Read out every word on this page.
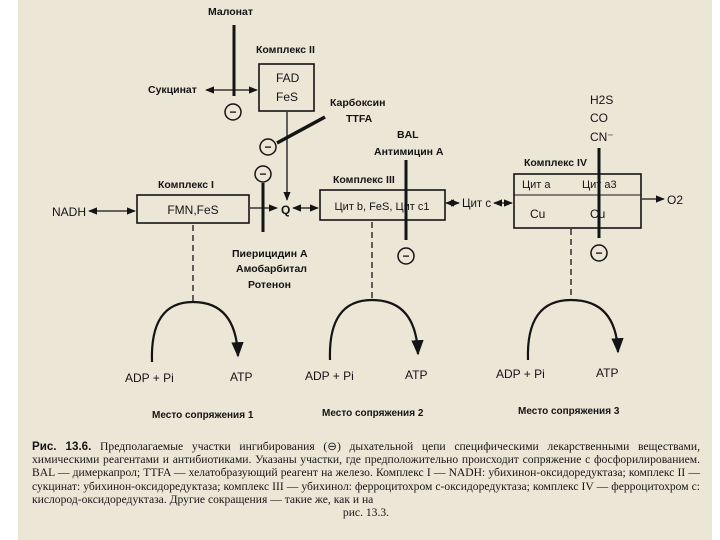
Комплекс II
FAD
FeS
Малонат
−
Сукцинат
Карбоксин
TTFA
−
Комплекс I
FMN,FeS
NADH
−
Пиерицидин А
Амобарбитал
Ротенон
Q
BAL
Антимицин А
−
Комплекс III
Цит b, FeS, Цит c1	Цит c
H2S
CO
CN⁻
−
Комплекс IV
Цит a	Цит a3
Cu	Cu
O2
ADP + Pi	ATP
Место сопряжения 1
ADP + Pi	ATP
Место сопряжения 2
ADP + Pi	ATP
Место сопряжения 3

Рис. 13.6. Предполагаемые участки ингибирования (⊖) дыхательной цепи специфическими лекарственными веществами, химическими реагентами и антибиотиками. Указаны участки, где предположительно происходит сопряжение с фосфорилированием. BAL — димеркапрол; TTFA — хелатобразующий реагент на железо. Комплекс I — NADH: убихинон-оксидоредуктаза; комплекс II — сукцинат: убихинон-оксидоредуктаза; комплекс III — убихинол: ферроцитохром c-оксидоредуктаза; комплекс IV — ферроцитохром c: кислород-оксидоредуктаза. Другие сокращения — такие же, как и на
рис. 13.3.
